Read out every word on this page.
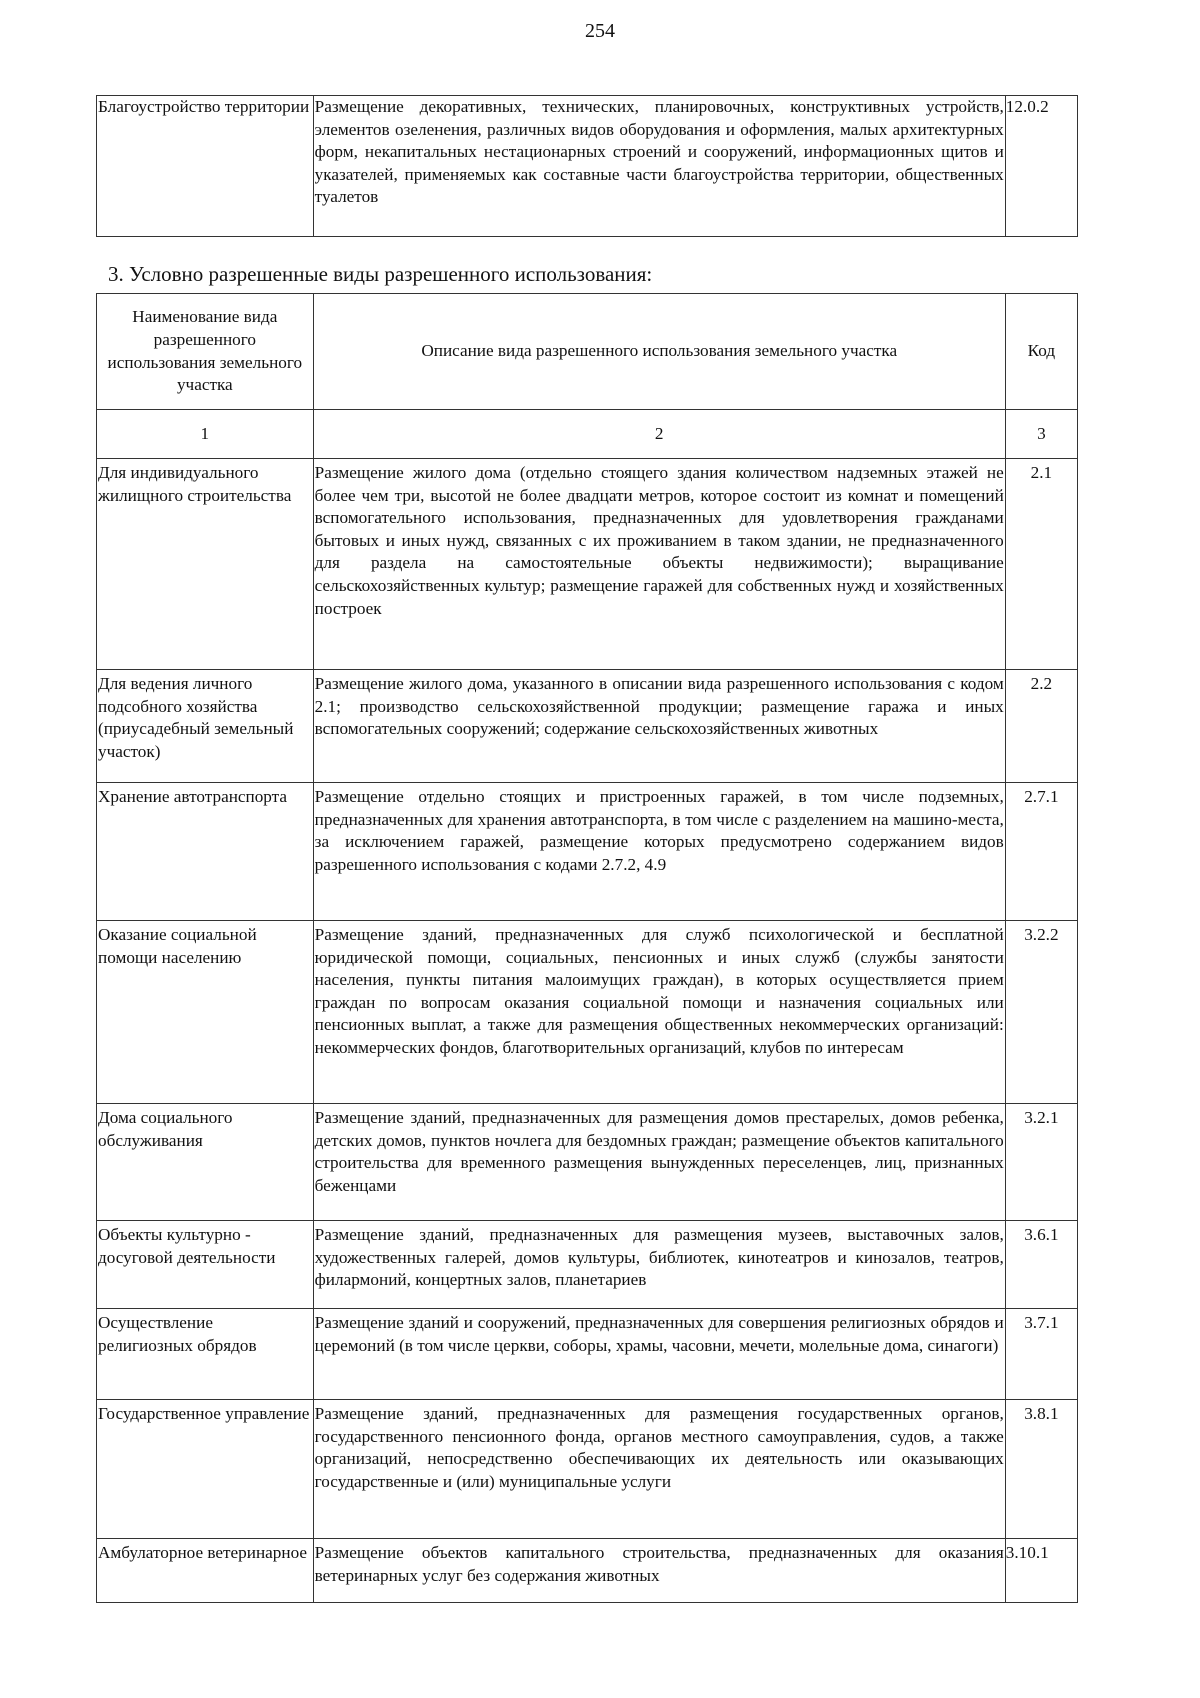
254
Благоустройство территории	Размещение декоративных, технических, планировочных, конструктивных устройств, элементов озеленения, различных видов оборудования и оформления, малых архитектурных форм, некапитальных нестационарных строений и сооружений, информационных щитов и указателей, применяемых как составные части благоустройства территории, общественных туалетов	12.0.2
3. Условно разрешенные виды разрешенного использования:
Наименование вида разрешенного использования земельного участка	Описание вида разрешенного использования земельного участка	Код
1	2	3
Для индивидуального жилищного строительства	Размещение жилого дома (отдельно стоящего здания количеством надземных этажей не более чем три, высотой не более двадцати метров, которое состоит из комнат и помещений вспомогательного использования, предназначенных для удовлетворения гражданами бытовых и иных нужд, связанных с их проживанием в таком здании, не предназначенного для раздела на самостоятельные объекты недвижимости); выращивание сельскохозяйственных культур; размещение гаражей для собственных нужд и хозяйственных построек	2.1
Для ведения личного подсобного хозяйства (приусадебный земельный участок)	Размещение жилого дома, указанного в описании вида разрешенного использования с кодом 2.1; производство сельскохозяйственной продукции; размещение гаража и иных вспомогательных сооружений; содержание сельскохозяйственных животных	2.2
Хранение автотранспорта	Размещение отдельно стоящих и пристроенных гаражей, в том числе подземных, предназначенных для хранения автотранспорта, в том числе с разделением на машино-места, за исключением гаражей, размещение которых предусмотрено содержанием видов разрешенного использования с кодами 2.7.2, 4.9	2.7.1
Оказание социальной помощи населению	Размещение зданий, предназначенных для служб психологической и бесплатной юридической помощи, социальных, пенсионных и иных служб (службы занятости населения, пункты питания малоимущих граждан), в которых осуществляется прием граждан по вопросам оказания социальной помощи и назначения социальных или пенсионных выплат, а также для размещения общественных некоммерческих организаций: некоммерческих фондов, благотворительных организаций, клубов по интересам	3.2.2
Дома социального обслуживания	Размещение зданий, предназначенных для размещения домов престарелых, домов ребенка, детских домов, пунктов ночлега для бездомных граждан; размещение объектов капитального строительства для временного размещения вынужденных переселенцев, лиц, признанных беженцами	3.2.1
Объекты культурно - досуговой деятельности	Размещение зданий, предназначенных для размещения музеев, выставочных залов, художественных галерей, домов культуры, библиотек, кинотеатров и кинозалов, театров, филармоний, концертных залов, планетариев	3.6.1
Осуществление религиозных обрядов	Размещение зданий и сооружений, предназначенных для совершения религиозных обрядов и церемоний (в том числе церкви, соборы, храмы, часовни, мечети, молельные дома, синагоги)	3.7.1
Государственное управление	Размещение зданий, предназначенных для размещения государственных органов, государственного пенсионного фонда, органов местного самоуправления, судов, а также организаций, непосредственно обеспечивающих их деятельность или оказывающих государственные и (или) муниципальные услуги	3.8.1
Амбулаторное ветеринарное	Размещение объектов капитального строительства, предназначенных для оказания ветеринарных услуг без содержания животных	3.10.1
